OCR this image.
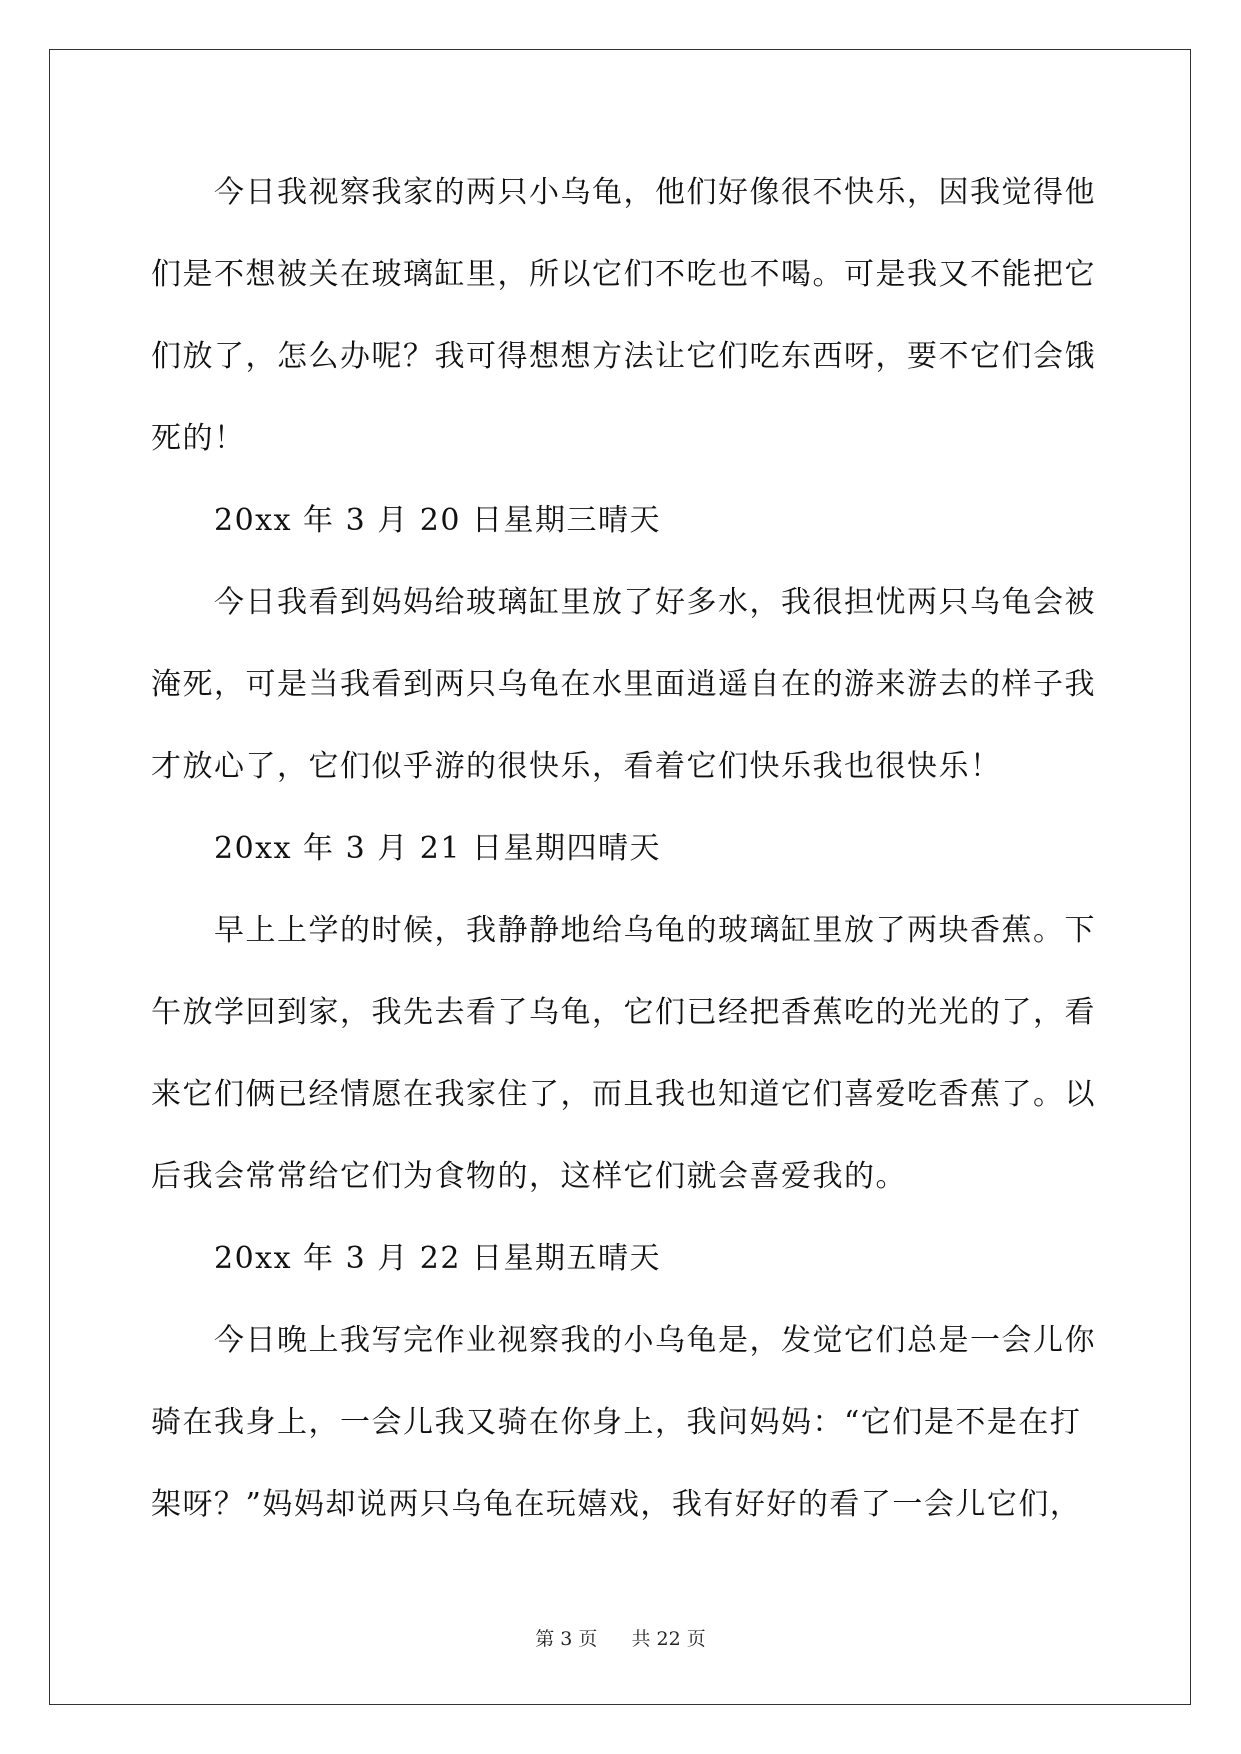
　　今日我视察我家的两只小乌龟，他们好像很不快乐，因我觉得他
们是不想被关在玻璃缸里，所以它们不吃也不喝。可是我又不能把它
们放了，怎么办呢？我可得想想方法让它们吃东西呀，要不它们会饿
死的！
　　20xx 年 3 月 20 日星期三晴天
　　今日我看到妈妈给玻璃缸里放了好多水，我很担忧两只乌龟会被
淹死，可是当我看到两只乌龟在水里面逍遥自在的游来游去的样子我
才放心了，它们似乎游的很快乐，看着它们快乐我也很快乐！
　　20xx 年 3 月 21 日星期四晴天
　　早上上学的时候，我静静地给乌龟的玻璃缸里放了两块香蕉。下
午放学回到家，我先去看了乌龟，它们已经把香蕉吃的光光的了，看
来它们俩已经情愿在我家住了，而且我也知道它们喜爱吃香蕉了。以
后我会常常给它们为食物的，这样它们就会喜爱我的。
　　20xx 年 3 月 22 日星期五晴天
　　今日晚上我写完作业视察我的小乌龟是，发觉它们总是一会儿你
骑在我身上，一会儿我又骑在你身上，我问妈妈：“它们是不是在打
架呀？”妈妈却说两只乌龟在玩嬉戏，我有好好的看了一会儿它们，
第 3 页 共 22 页
